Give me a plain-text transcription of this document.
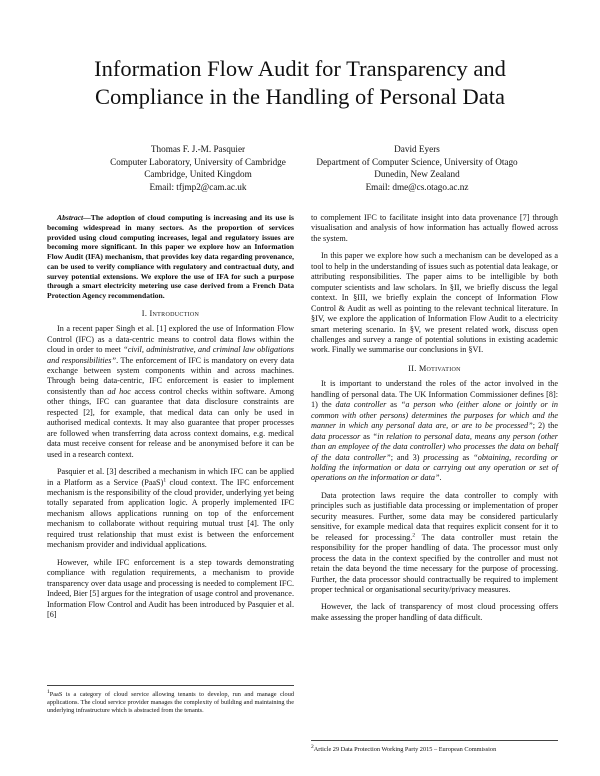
Information Flow Audit for Transparency and Compliance in the Handling of Personal Data
Thomas F. J.-M. Pasquier
Computer Laboratory, University of Cambridge
Cambridge, United Kingdom
Email: tfjmp2@cam.ac.uk
David Eyers
Department of Computer Science, University of Otago
Dunedin, New Zealand
Email: dme@cs.otago.ac.nz

Abstract—The adoption of cloud computing is increasing and its use is becoming widespread in many sectors. As the proportion of services provided using cloud computing increases, legal and regulatory issues are becoming more significant. In this paper we explore how an Information Flow Audit (IFA) mechanism, that provides key data regarding provenance, can be used to verify compliance with regulatory and contractual duty, and survey potential extensions. We explore the use of IFA for such a purpose through a smart electricity metering use case derived from a French Data Protection Agency recommendation.

I. Introduction

In a recent paper Singh et al. [1] explored the use of Information Flow Control (IFC) as a data-centric means to control data flows within the cloud in order to meet “civil, administrative, and criminal law obligations and responsibilities”. The enforcement of IFC is mandatory on every data exchange between system components within and across machines. Through being data-centric, IFC enforcement is easier to implement consistently than ad hoc access control checks within software. Among other things, IFC can guarantee that data disclosure constraints are respected [2], for example, that medical data can only be used in authorised medical contexts. It may also guarantee that proper processes are followed when transferring data across context domains, e.g. medical data must receive consent for release and be anonymised before it can be used in a research context.

Pasquier et al. [3] described a mechanism in which IFC can be applied in a Platform as a Service (PaaS)$^1$ cloud context. The IFC enforcement mechanism is the responsibility of the cloud provider, underlying yet being totally separated from application logic. A properly implemented IFC mechanism allows applications running on top of the enforcement mechanism to collaborate without requiring mutual trust [4]. The only required trust relationship that must exist is between the enforcement mechanism provider and individual applications.

However, while IFC enforcement is a step towards demonstrating compliance with regulation requirements, a mechanism to provide transparency over data usage and processing is needed to complement IFC. Indeed, Bier [5] argues for the integration of usage control and provenance. Information Flow Control and Audit has been introduced by Pasquier et al. [6]

to complement IFC to facilitate insight into data provenance [7] through visualisation and analysis of how information has actually flowed across the system.

In this paper we explore how such a mechanism can be developed as a tool to help in the understanding of issues such as potential data leakage, or attributing responsibilities. The paper aims to be intelligible by both computer scientists and law scholars. In §II, we briefly discuss the legal context. In §III, we briefly explain the concept of Information Flow Control & Audit as well as pointing to the relevant technical literature. In §IV, we explore the application of Information Flow Audit to a electricity smart metering scenario. In §V, we present related work, discuss open challenges and survey a range of potential solutions in existing academic work. Finally we summarise our conclusions in §VI.

II. Motivation

It is important to understand the roles of the actor involved in the handling of personal data. The UK Information Commissioner defines [8]: 1) the data controller as “a person who (either alone or jointly or in common with other persons) determines the purposes for which and the manner in which any personal data are, or are to be processed”; 2) the data processor as “in relation to personal data, means any person (other than an employee of the data controller) who processes the data on behalf of the data controller”; and 3) processing as “obtaining, recording or holding the information or data or carrying out any operation or set of operations on the information or data”.

Data protection laws require the data controller to comply with principles such as justifiable data processing or implementation of proper security measures. Further, some data may be considered particularly sensitive, for example medical data that requires explicit consent for it to be released for processing.$^2$ The data controller must retain the responsibility for the proper handling of data. The processor must only process the data in the context specified by the controller and must not retain the data beyond the time necessary for the purpose of processing. Further, the data processor should contractually be required to implement proper technical or organisational security/privacy measures.

However, the lack of transparency of most cloud processing offers make assessing the proper handling of data difficult.

1PaaS is a category of cloud service allowing tenants to develop, run and manage cloud applications. The cloud service provider manages the complexity of building and maintaining the underlying infrastructure which is abstracted from the tenants.
2Article 29 Data Protection Working Party 2015 – European Commission
